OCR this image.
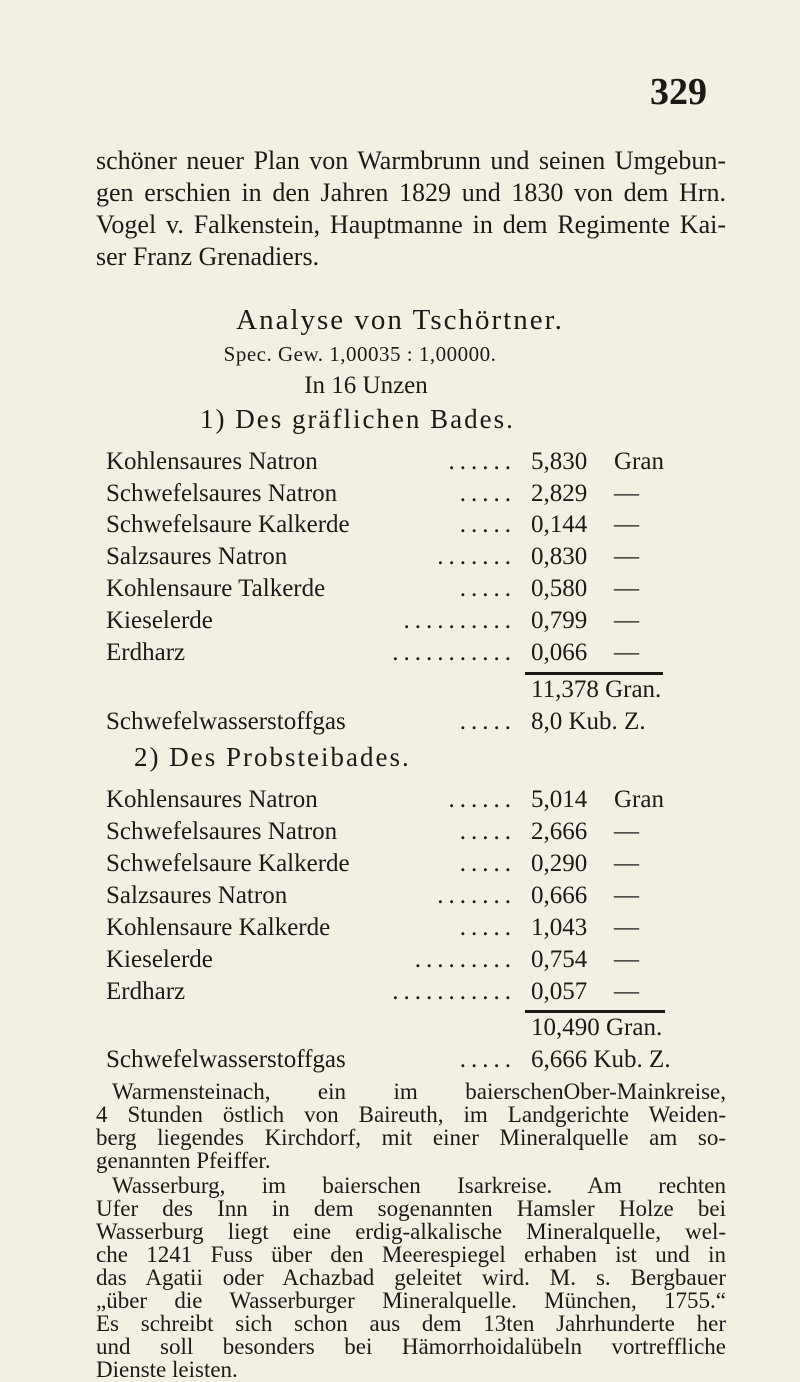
329
schöner neuer Plan von Warmbrunn und seinen Umgebun-
gen erschien in den Jahren 1829 und 1830 von dem Hrn.
Vogel v. Falkenstein, Hauptmanne in dem Regimente Kai-
ser Franz Grenadiers.
Analyse von Tschörtner.
Spec. Gew. 1,00035 : 1,00000.
In 16 Unzen
1) Des gräflichen Bades.
Kohlensaures Natron	...... 5,830 Gran
Schwefelsaures Natron	..... 2,829 —
Schwefelsaure Kalkerde	..... 0,144 —
Salzsaures Natron	....... 0,830 —
Kohlensaure Talkerde	..... 0,580 —
Kieselerde	.......... 0,799 —
Erdharz	........... 0,066 —
11,378 Gran.
Schwefelwasserstoffgas	..... 8,0 Kub. Z.
2) Des Probsteibades.
Kohlensaures Natron	...... 5,014 Gran
Schwefelsaures Natron	..... 2,666 —
Schwefelsaure Kalkerde	..... 0,290 —
Salzsaures Natron	....... 0,666 —
Kohlensaure Kalkerde	..... 1,043 —
Kieselerde	......... 0,754 —
Erdharz	........... 0,057 —
10,490 Gran.
Schwefelwasserstoffgas	..... 6,666 Kub. Z.
Warmensteinach, ein im baierschenOber-Mainkreise,
4 Stunden östlich von Baireuth, im Landgerichte Weiden-
berg liegendes Kirchdorf, mit einer Mineralquelle am so-
genannten Pfeiffer.
Wasserburg, im baierschen Isarkreise. Am rechten
Ufer des Inn in dem sogenannten Hamsler Holze bei
Wasserburg liegt eine erdig-alkalische Mineralquelle, wel-
che 1241 Fuss über den Meerespiegel erhaben ist und in
das Agatii oder Achazbad geleitet wird. M. s. Bergbauer
„über die Wasserburger Mineralquelle. München, 1755.“
Es schreibt sich schon aus dem 13ten Jahrhunderte her
und soll besonders bei Hämorrhoidalübeln vortreffliche
Dienste leisten.
